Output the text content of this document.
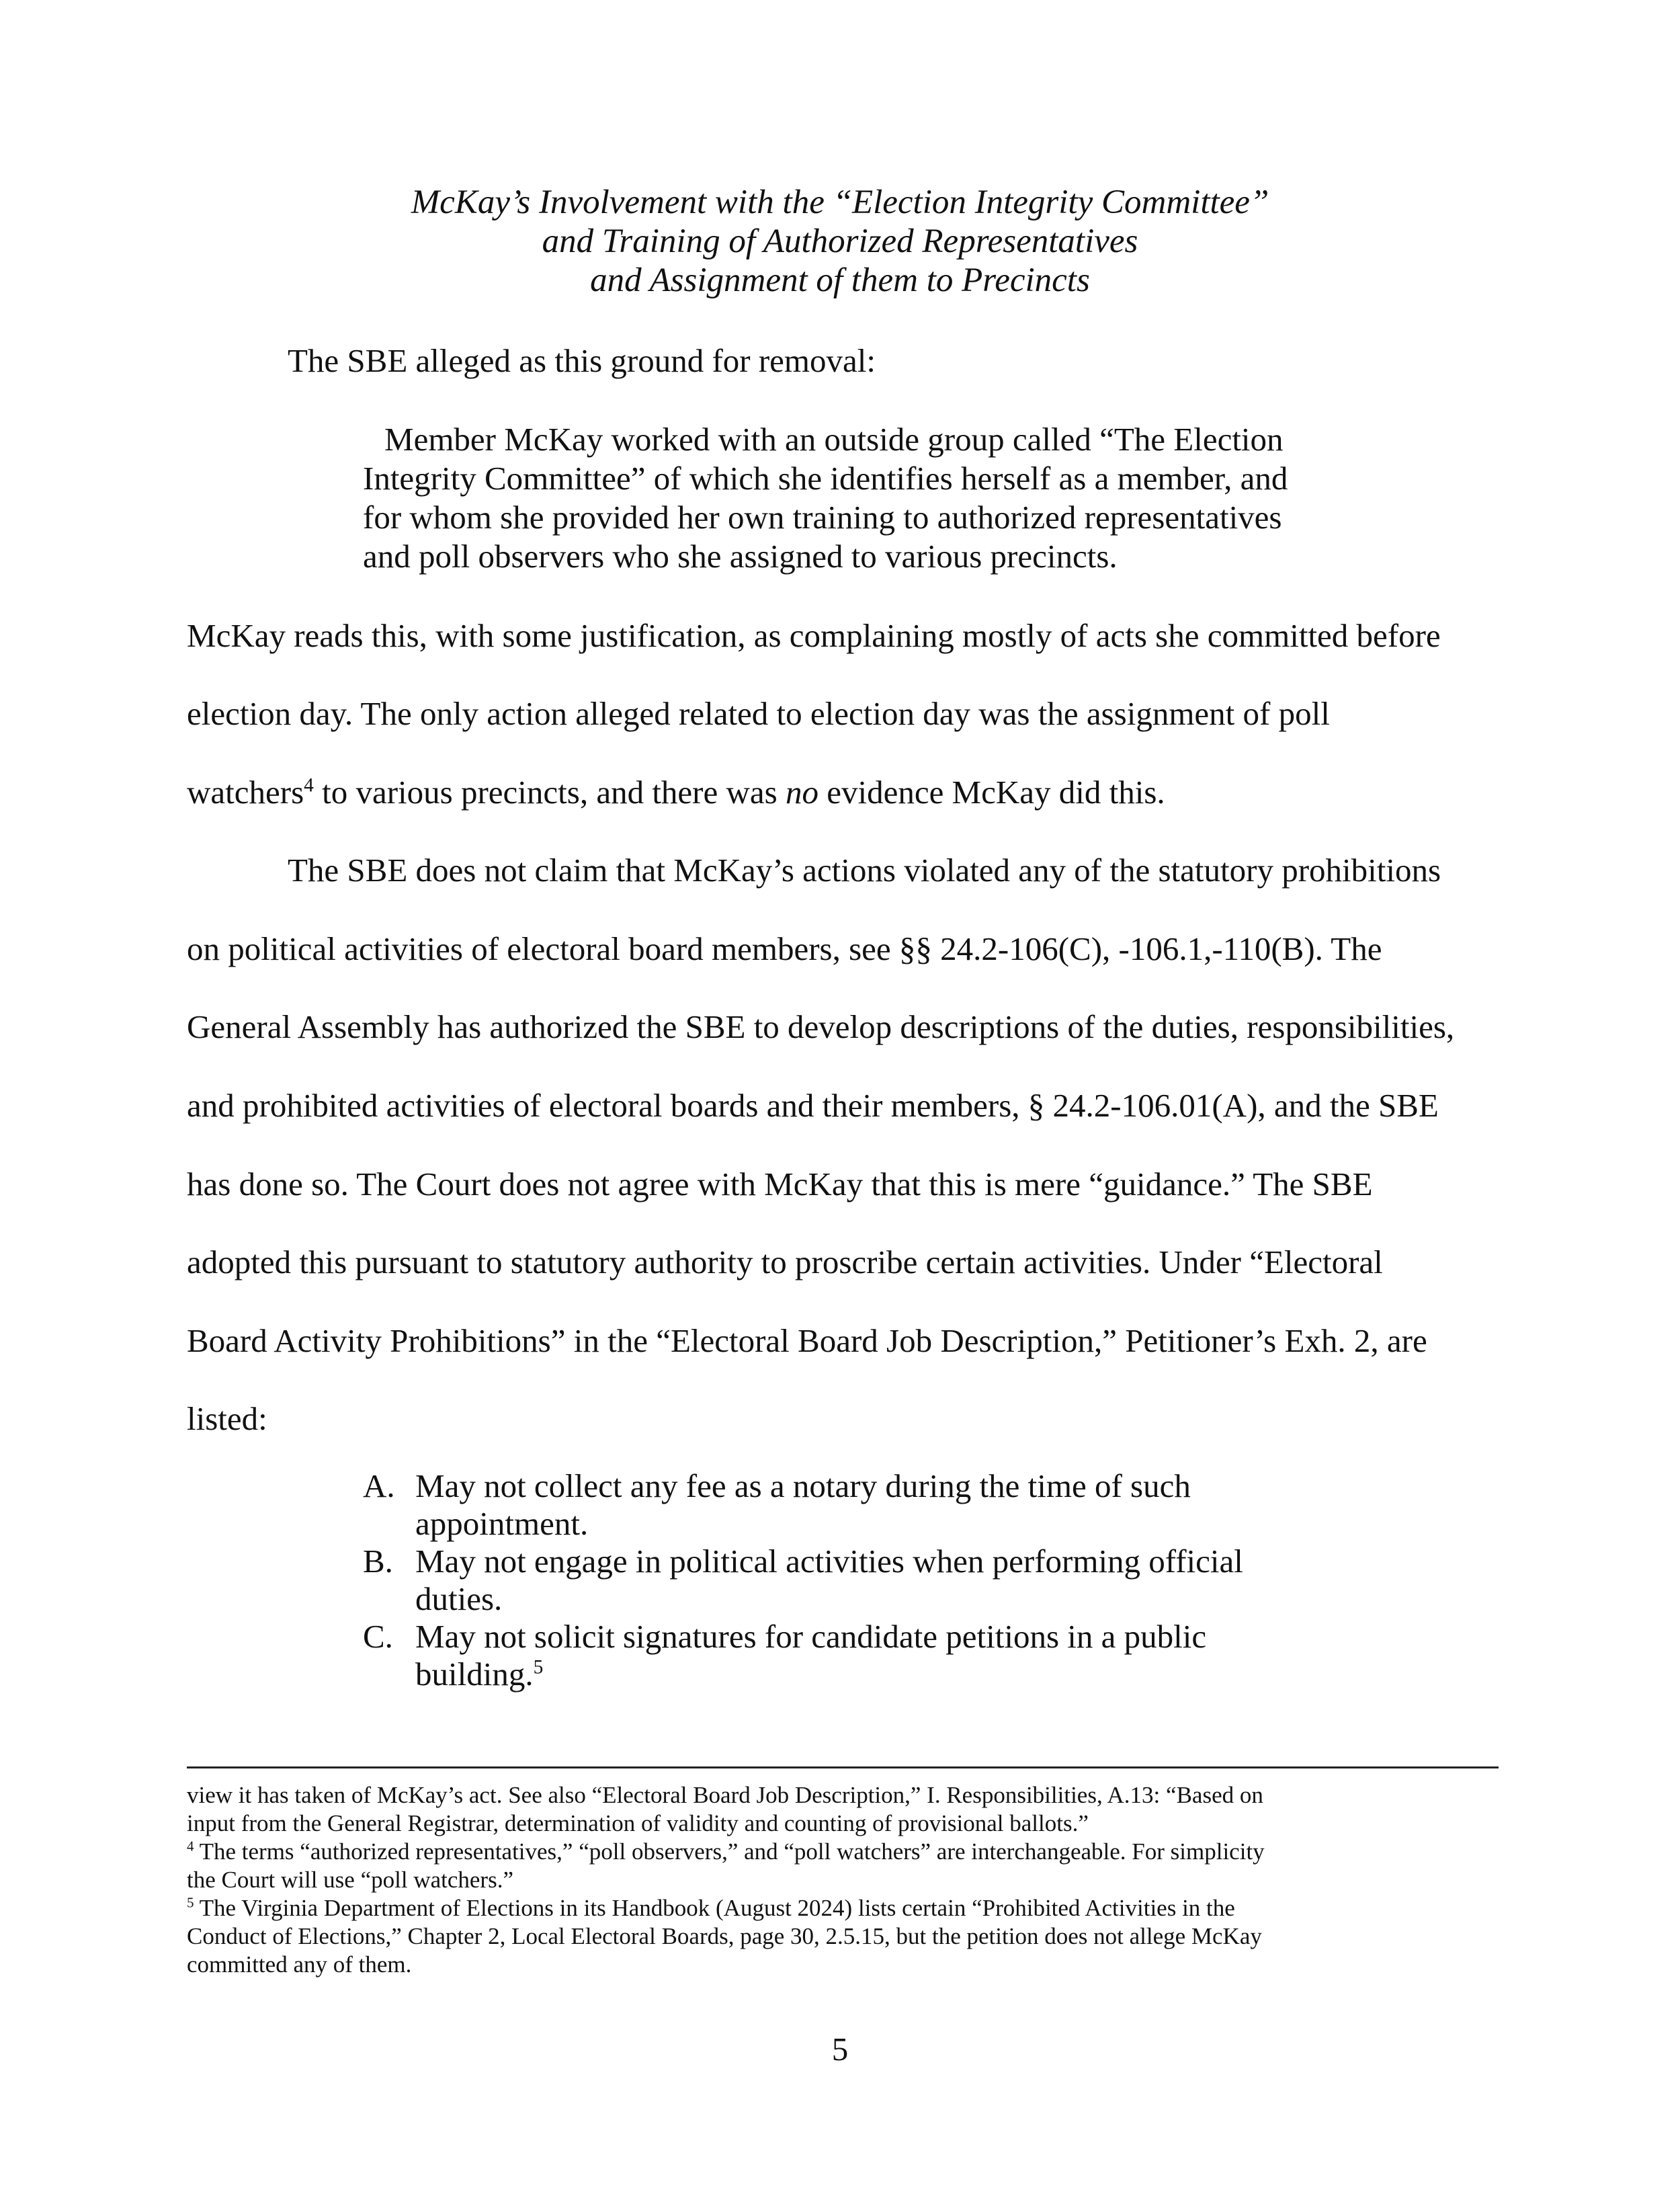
McKay’s Involvement with the “Election Integrity Committee”
and Training of Authorized Representatives
and Assignment of them to Precincts
The SBE alleged as this ground for removal:
Member McKay worked with an outside group called “The Election
Integrity Committee” of which she identifies herself as a member, and
for whom she provided her own training to authorized representatives
and poll observers who she assigned to various precincts.
McKay reads this, with some justification, as complaining mostly of acts she committed before
election day. The only action alleged related to election day was the assignment of poll
watchers$^4$ to various precincts, and there was no evidence McKay did this.
The SBE does not claim that McKay’s actions violated any of the statutory prohibitions
on political activities of electoral board members, see §§ 24.2-106(C), -106.1,-110(B). The
General Assembly has authorized the SBE to develop descriptions of the duties, responsibilities,
and prohibited activities of electoral boards and their members, § 24.2-106.01(A), and the SBE
has done so. The Court does not agree with McKay that this is mere “guidance.” The SBE
adopted this pursuant to statutory authority to proscribe certain activities. Under “Electoral
Board Activity Prohibitions” in the “Electoral Board Job Description,” Petitioner’s Exh. 2, are
listed:
A. May not collect any fee as a notary during the time of such
appointment.
B. May not engage in political activities when performing official
duties.
C. May not solicit signatures for candidate petitions in a public
building.$^5$
view it has taken of McKay’s act. See also “Electoral Board Job Description,” I. Responsibilities, A.13: “Based on
input from the General Registrar, determination of validity and counting of provisional ballots.”
$^4$ The terms “authorized representatives,” “poll observers,” and “poll watchers” are interchangeable. For simplicity
the Court will use “poll watchers.”
$^5$ The Virginia Department of Elections in its Handbook (August 2024) lists certain “Prohibited Activities in the
Conduct of Elections,” Chapter 2, Local Electoral Boards, page 30, 2.5.15, but the petition does not allege McKay
committed any of them.
5
